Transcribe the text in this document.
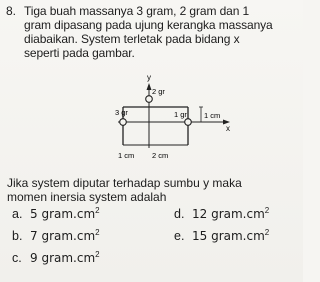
8. Tiga buah massanya 3 gram, 2 gram dan 1
gram dipasang pada ujung kerangka massanya
diabaikan. System terletak pada bidang x
seperti pada gambar.
y
x
2 gr
3 gr	1 gr 1 cm
1 cm 2 cm
Jika system diputar terhadap sumbu y maka
momen inersia system adalah
a. 5 $gram.cm^2$
b. 7 $gram.cm^2$
c. 9 $gram.cm^2$
d. 12 $gram.cm^2$
e. 15 $gram.cm^2$
